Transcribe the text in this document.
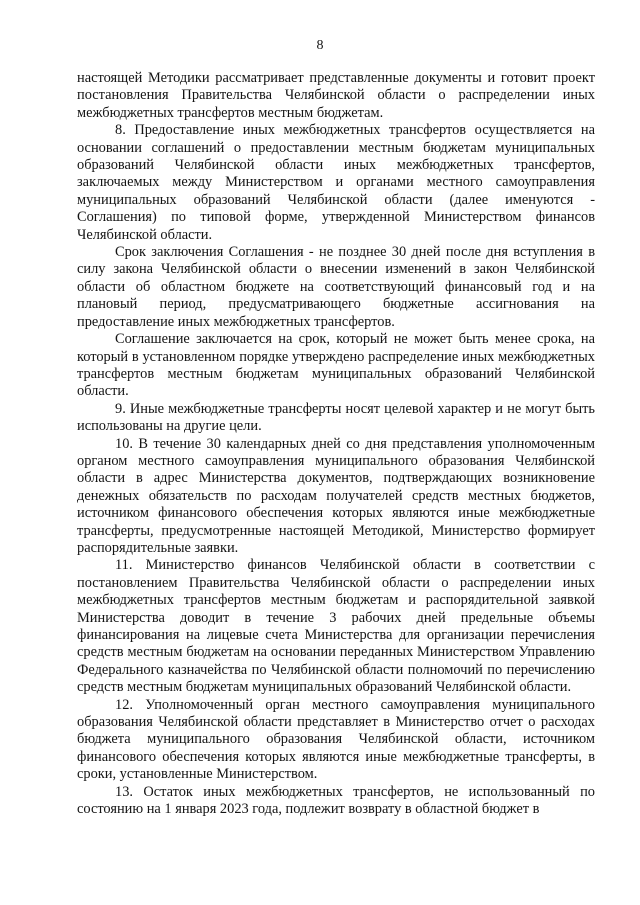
8

настоящей Методики рассматривает представленные документы и готовит проект постановления Правительства Челябинской области о распределении иных межбюджетных трансфертов местным бюджетам.

8. Предоставление иных межбюджетных трансфертов осуществляется на основании соглашений о предоставлении местным бюджетам муниципальных образований Челябинской области иных межбюджетных трансфертов, заключаемых между Министерством и органами местного самоуправления муниципальных образований Челябинской области (далее именуются - Соглашения) по типовой форме, утвержденной Министерством финансов Челябинской области.

Срок заключения Соглашения - не позднее 30 дней после дня вступления в силу закона Челябинской области о внесении изменений в закон Челябинской области об областном бюджете на соответствующий финансовый год и на плановый период, предусматривающего бюджетные ассигнования на предоставление иных межбюджетных трансфертов.

Соглашение заключается на срок, который не может быть менее срока, на который в установленном порядке утверждено распределение иных межбюджетных трансфертов местным бюджетам муниципальных образований Челябинской области.

9. Иные межбюджетные трансферты носят целевой характер и не могут быть использованы на другие цели.

10. В течение 30 календарных дней со дня представления уполномоченным органом местного самоуправления муниципального образования Челябинской области в адрес Министерства документов, подтверждающих возникновение денежных обязательств по расходам получателей средств местных бюджетов, источником финансового обеспечения которых являются иные межбюджетные трансферты, предусмотренные настоящей Методикой, Министерство формирует распорядительные заявки.

11. Министерство финансов Челябинской области в соответствии с постановлением Правительства Челябинской области о распределении иных межбюджетных трансфертов местным бюджетам и распорядительной заявкой Министерства доводит в течение 3 рабочих дней предельные объемы финансирования на лицевые счета Министерства для организации перечисления средств местным бюджетам на основании переданных Министерством Управлению Федерального казначейства по Челябинской области полномочий по перечислению средств местным бюджетам муниципальных образований Челябинской области.

12. Уполномоченный орган местного самоуправления муниципального образования Челябинской области представляет в Министерство отчет о расходах бюджета муниципального образования Челябинской области, источником финансового обеспечения которых являются иные межбюджетные трансферты, в сроки, установленные Министерством.

13. Остаток иных межбюджетных трансфертов, не использованный по состоянию на 1 января 2023 года, подлежит возврату в областной бюджет в
